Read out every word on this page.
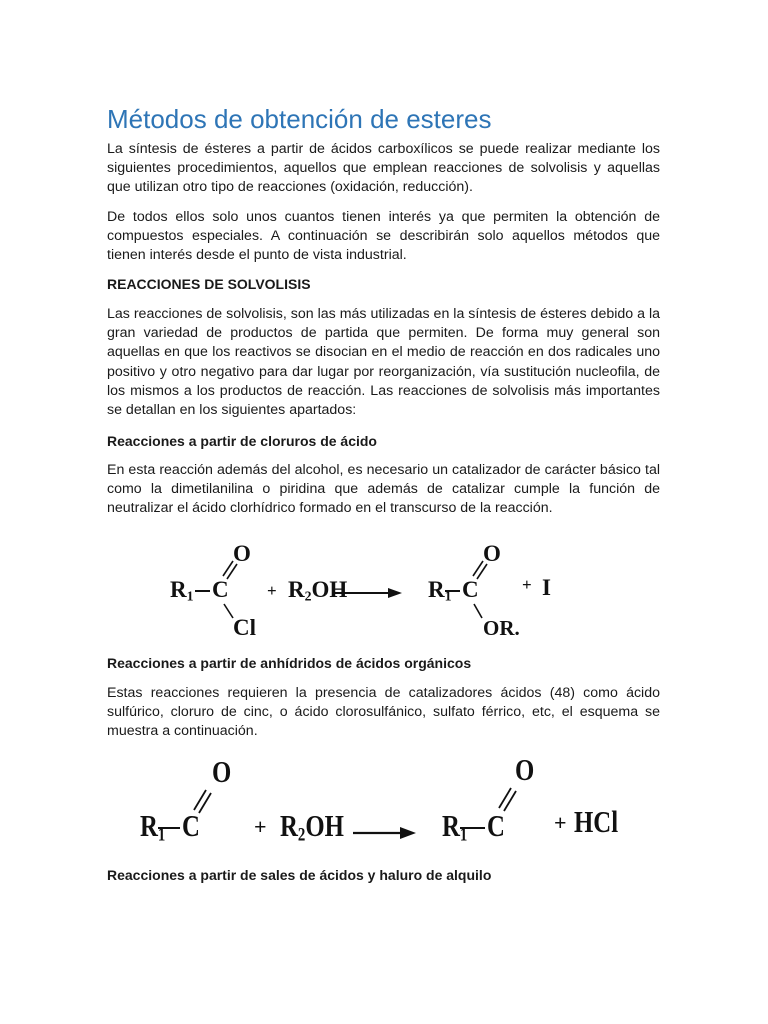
Métodos de obtención de esteres

La síntesis de ésteres a partir de ácidos carboxílicos se puede realizar mediante los siguientes procedimientos, aquellos que emplean reacciones de solvolisis y aquellas que utilizan otro tipo de reacciones (oxidación, reducción).

De todos ellos solo unos cuantos tienen interés ya que permiten la obtención de compuestos especiales. A continuación se describirán solo aquellos métodos que tienen interés desde el punto de vista industrial.

REACCIONES DE SOLVOLISIS

Las reacciones de solvolisis, son las más utilizadas en la síntesis de ésteres debido a la gran variedad de productos de partida que permiten. De forma muy general son aquellas en que los reactivos se disocian en el medio de reacción en dos radicales uno positivo y otro negativo para dar lugar por reorganización, vía sustitución nucleofila, de los mismos a los productos de reacción. Las reacciones de solvolisis más importantes se detallan en los siguientes apartados:

Reacciones a partir de cloruros de ácido

En esta reacción además del alcohol, es necesario un catalizador de carácter básico tal como la dimetilanilina o piridina que además de catalizar cumple la función de neutralizar el ácido clorhídrico formado en el transcurso de la reacción.

Reacciones a partir de anhídridos de ácidos orgánicos

Estas reacciones requieren la presencia de catalizadores ácidos (48) como ácido sulfúrico, cloruro de cinc, o ácido clorosulfánico, sulfato férrico, etc, el esquema se muestra a continuación.

Reacciones a partir de sales de ácidos y haluro de alquilo
$R_1$ C
O
Cl
+ $R_2OH$	$R_1$ C
O
OR.
+ I
$R_1$ C
O
+ $R_2OH$	$R_1$ C
O
+ HCl
